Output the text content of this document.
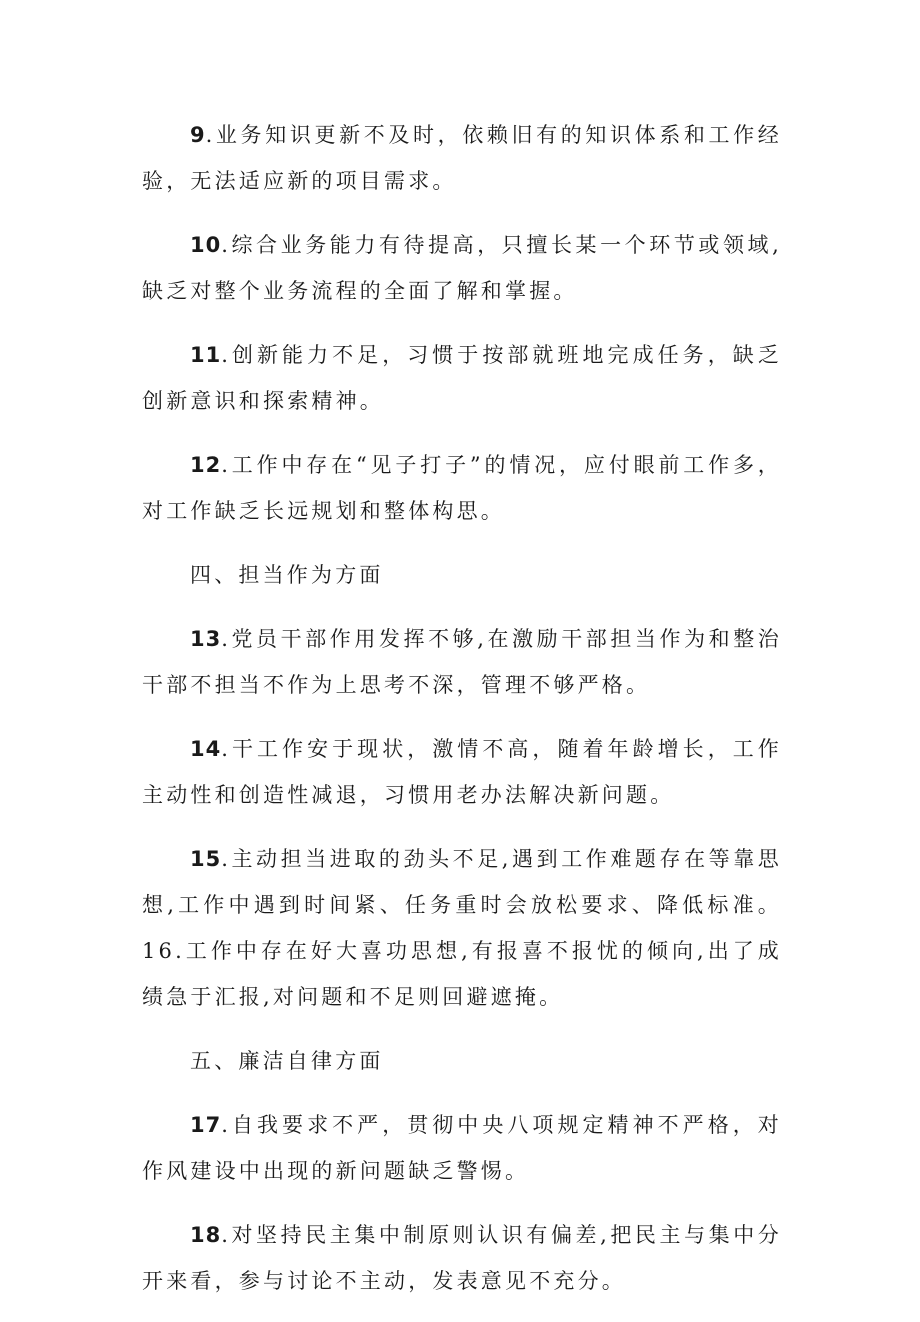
9.业务知识更新不及时，依赖旧有的知识体系和工作经验，无法适应新的项目需求。

10.综合业务能力有待提高，只擅长某一个环节或领域,缺乏对整个业务流程的全面了解和掌握。

11.创新能力不足，习惯于按部就班地完成任务，缺乏创新意识和探索精神。

12.工作中存在“见子打子”的情况，应付眼前工作多，对工作缺乏长远规划和整体构思。

四、担当作为方面

13.党员干部作用发挥不够,在激励干部担当作为和整治干部不担当不作为上思考不深，管理不够严格。

14.干工作安于现状，激情不高，随着年龄增长，工作主动性和创造性减退，习惯用老办法解决新问题。

15.主动担当进取的劲头不足,遇到工作难题存在等靠思想,工作中遇到时间紧、任务重时会放松要求、降低标准。16.工作中存在好大喜功思想,有报喜不报忧的倾向,出了成绩急于汇报,对问题和不足则回避遮掩。

五、廉洁自律方面

17.自我要求不严，贯彻中央八项规定精神不严格，对作风建设中出现的新问题缺乏警惕。

18.对坚持民主集中制原则认识有偏差,把民主与集中分开来看，参与讨论不主动，发表意见不充分。
